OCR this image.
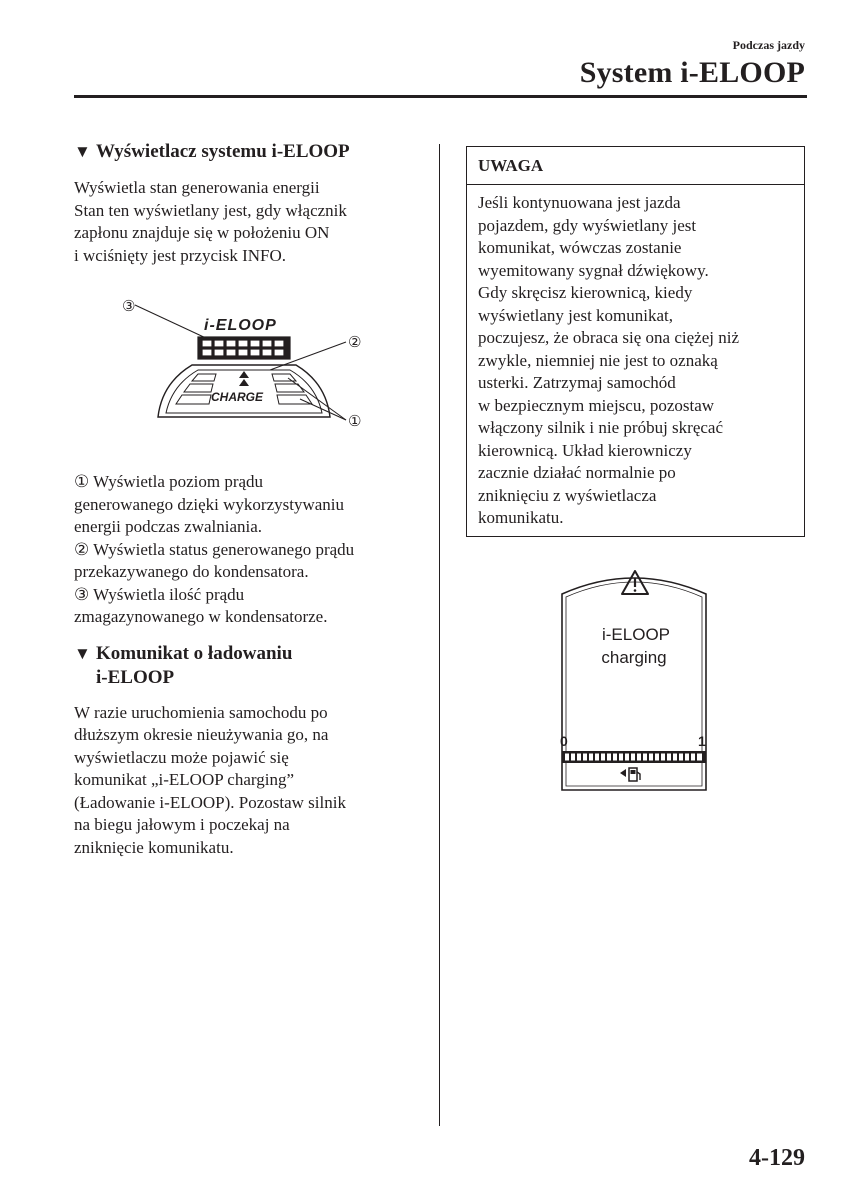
Podczas jazdy
System i-ELOOP
▼ Wyświetlacz systemu i-ELOOP

Wyświetla stan generowania energii

Stan ten wyświetlany jest, gdy włącznik

zapłonu znajduje się w położeniu ON

i wciśnięty jest przycisk INFO.

i-ELOOP
CHARGE
③
②
①

① Wyświetla poziom prądu

generowanego dzięki wykorzystywaniu

energii podczas zwalniania.

② Wyświetla status generowanego prądu

przekazywanego do kondensatora.

③ Wyświetla ilość prądu

zmagazynowanego w kondensatorze.

▼ Komunikat o ładowaniu
i-ELOOP

W razie uruchomienia samochodu po

dłuższym okresie nieużywania go, na

wyświetlaczu może pojawić się

komunikat „i-ELOOP charging”

(Ładowanie i-ELOOP). Pozostaw silnik

na biegu jałowym i poczekaj na

zniknięcie komunikatu.

UWAGA
Jeśli kontynuowana jest jazda
pojazdem, gdy wyświetlany jest
komunikat, wówczas zostanie
wyemitowany sygnał dźwiękowy.
Gdy skręcisz kierownicą, kiedy
wyświetlany jest komunikat,
poczujesz, że obraca się ona ciężej niż
zwykle, niemniej nie jest to oznaką
usterki. Zatrzymaj samochód
w bezpiecznym miejscu, pozostaw
włączony silnik i nie próbuj skręcać
kierownicą. Układ kierowniczy
zacznie działać normalnie po
zniknięciu z wyświetlacza
komunikatu.
i-ELOOP
charging
0	1
4-129
